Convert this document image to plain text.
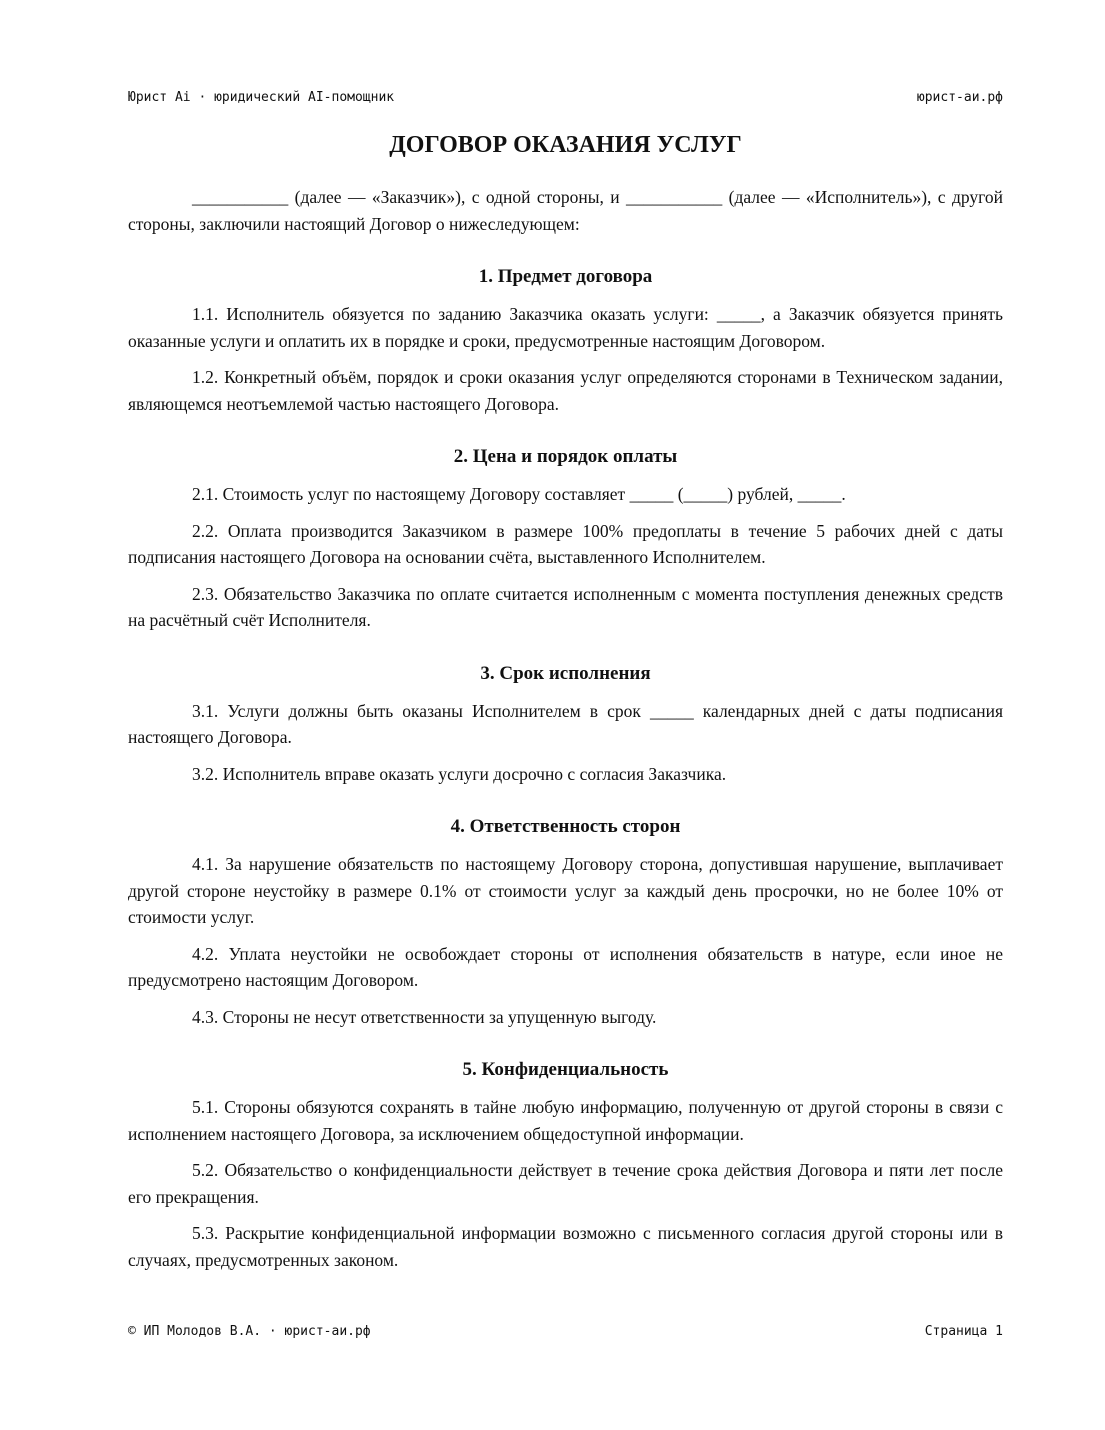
Юрист Ai · юридический AI-помощник	юрист-аи.рф
ДОГОВОР ОКАЗАНИЯ УСЛУГ

___________ (далее — «Заказчик»), с одной стороны, и ___________ (далее — «Исполнитель»), с другой стороны, заключили настоящий Договор о нижеследующем:

1. Предмет договора

1.1. Исполнитель обязуется по заданию Заказчика оказать услуги: _____, а Заказчик обязуется принять оказанные услуги и оплатить их в порядке и сроки, предусмотренные настоящим Договором.

1.2. Конкретный объём, порядок и сроки оказания услуг определяются сторонами в Техническом задании, являющемся неотъемлемой частью настоящего Договора.

2. Цена и порядок оплаты

2.1. Стоимость услуг по настоящему Договору составляет _____ (_____) рублей, _____.

2.2. Оплата производится Заказчиком в размере 100% предоплаты в течение 5 рабочих дней с даты подписания настоящего Договора на основании счёта, выставленного Исполнителем.

2.3. Обязательство Заказчика по оплате считается исполненным с момента поступления денежных средств на расчётный счёт Исполнителя.

3. Срок исполнения

3.1. Услуги должны быть оказаны Исполнителем в срок _____ календарных дней с даты подписания настоящего Договора.

3.2. Исполнитель вправе оказать услуги досрочно с согласия Заказчика.

4. Ответственность сторон

4.1. За нарушение обязательств по настоящему Договору сторона, допустившая нарушение, выплачивает другой стороне неустойку в размере 0.1% от стоимости услуг за каждый день просрочки, но не более 10% от стоимости услуг.

4.2. Уплата неустойки не освобождает стороны от исполнения обязательств в натуре, если иное не предусмотрено настоящим Договором.

4.3. Стороны не несут ответственности за упущенную выгоду.

5. Конфиденциальность

5.1. Стороны обязуются сохранять в тайне любую информацию, полученную от другой стороны в связи с исполнением настоящего Договора, за исключением общедоступной информации.

5.2. Обязательство о конфиденциальности действует в течение срока действия Договора и пяти лет после его прекращения.

5.3. Раскрытие конфиденциальной информации возможно с письменного согласия другой стороны или в случаях, предусмотренных законом.

© ИП Молодов В.А. · юрист-аи.рф	Страница 1
